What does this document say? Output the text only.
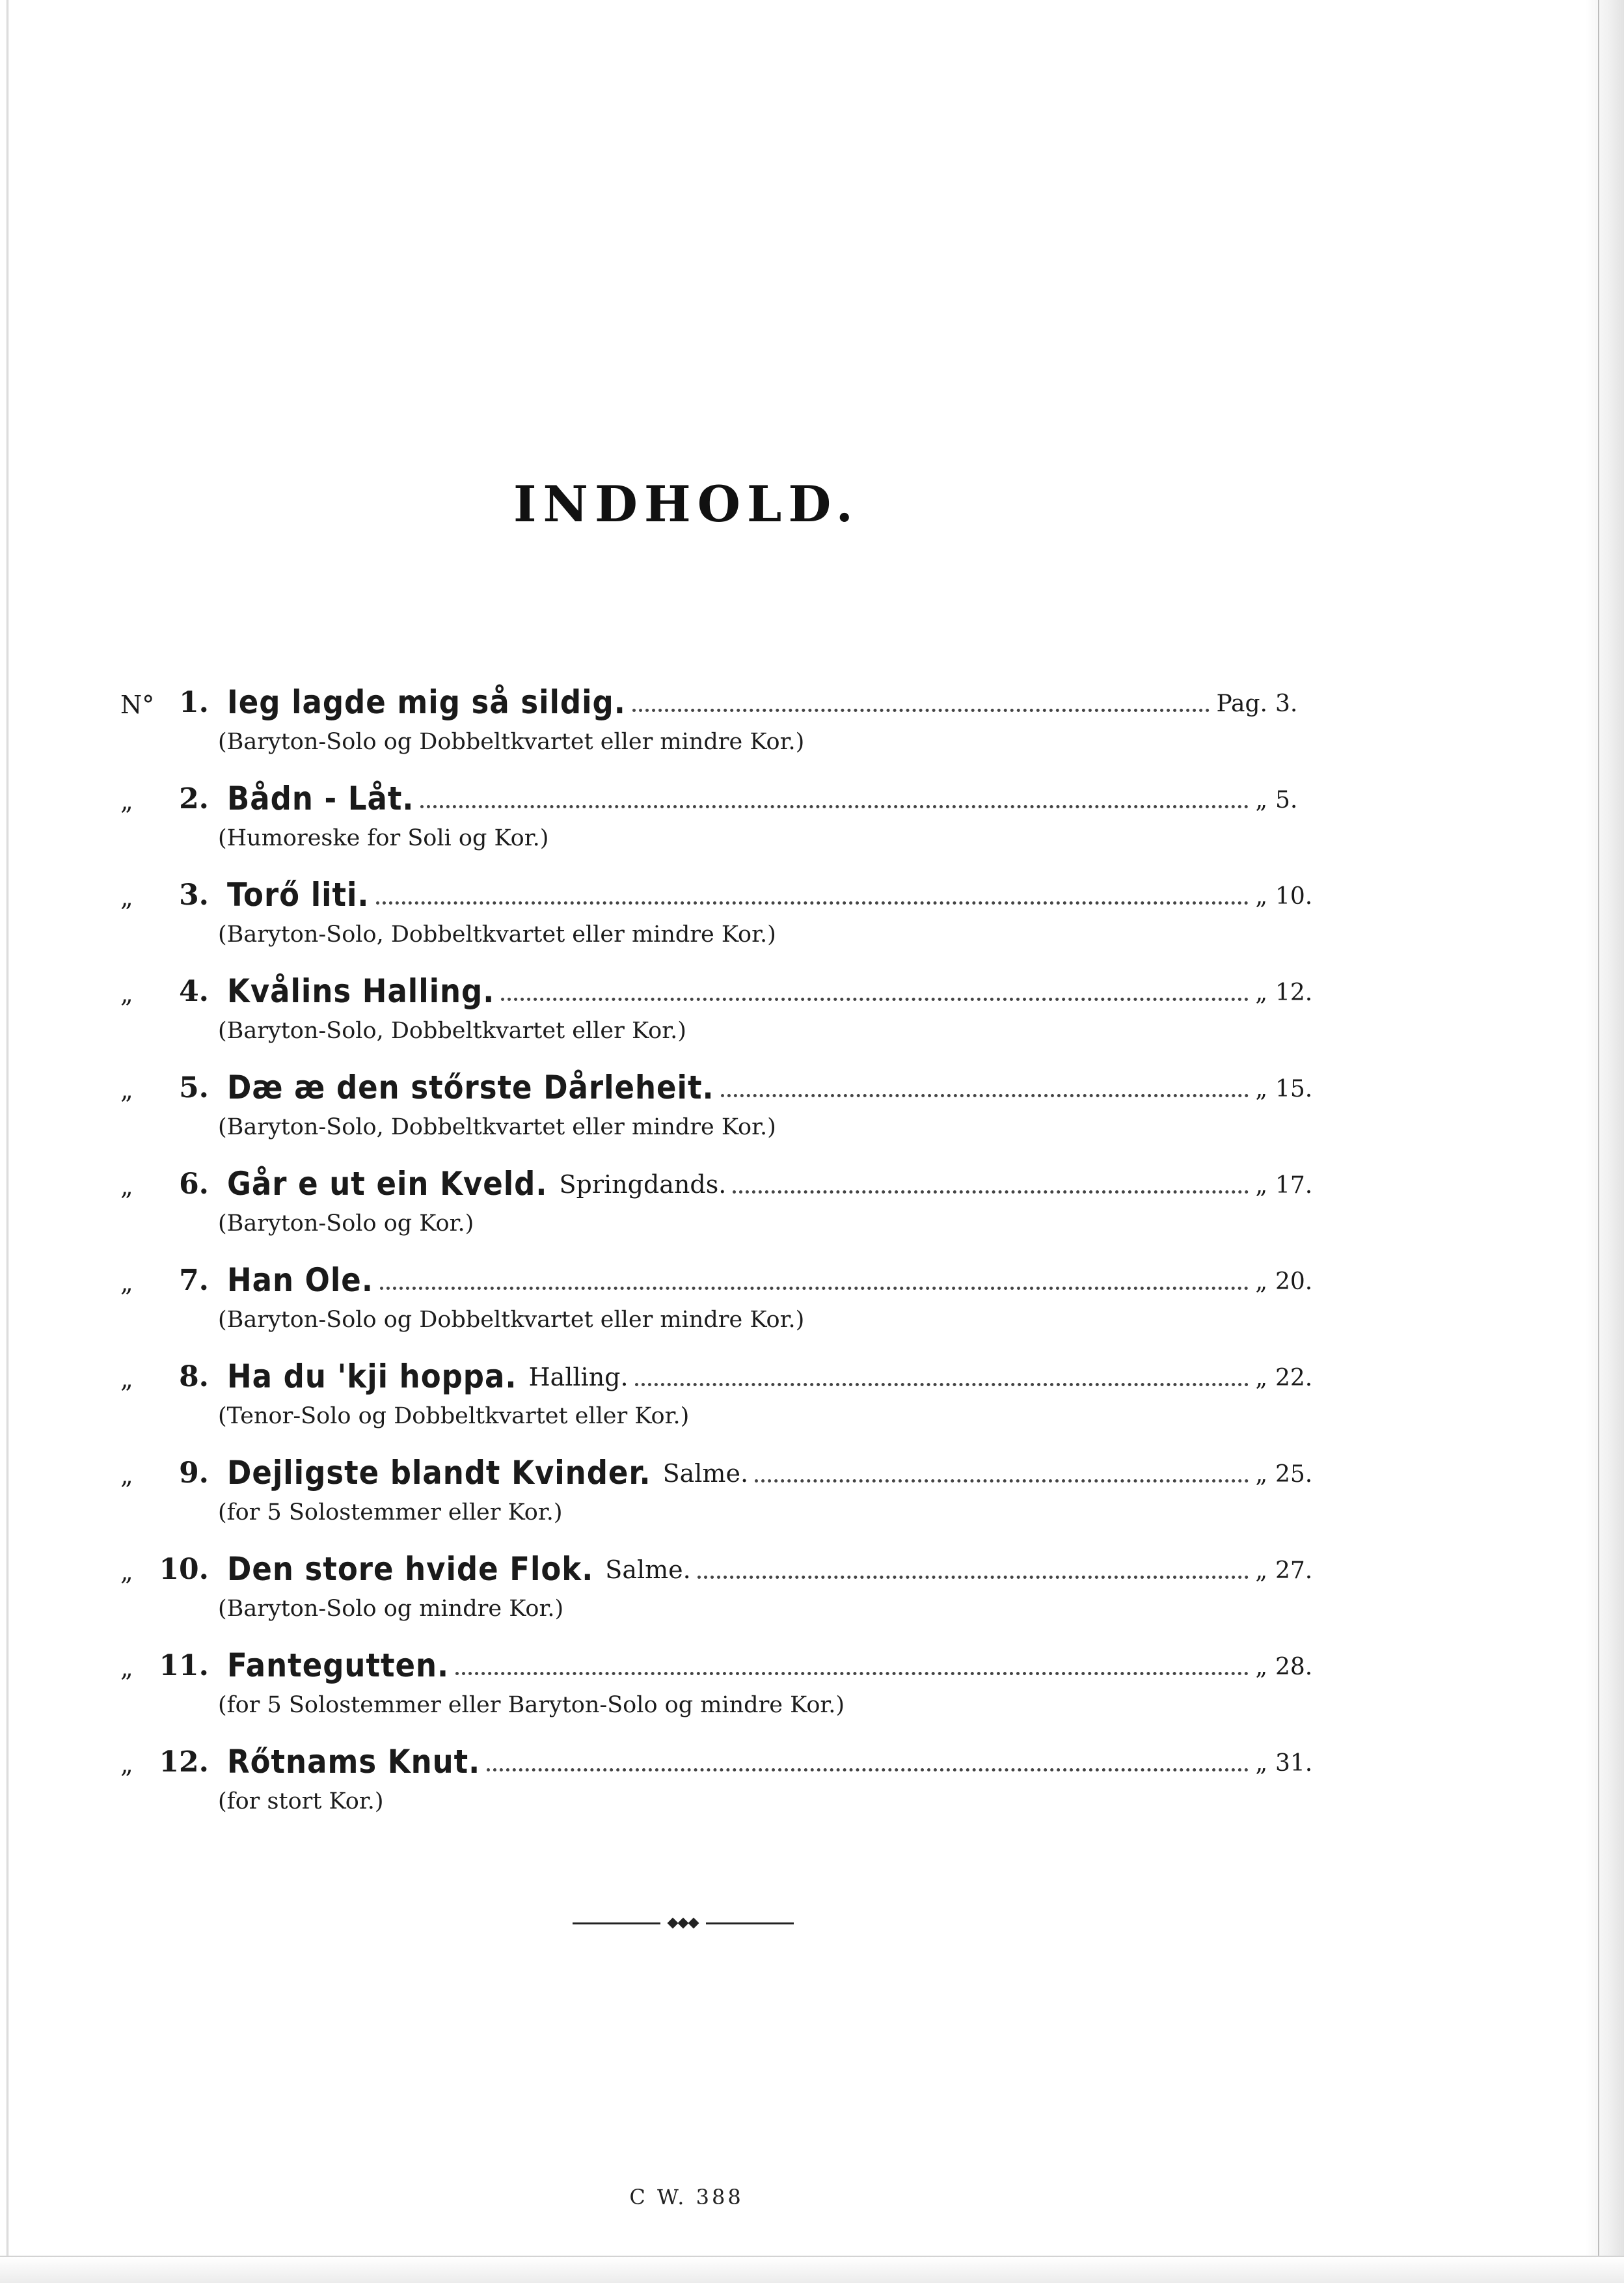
INDHOLD.
N° 1. Ieg lagde mig så sildig.	Pag. 3.
(Baryton-Solo og Dobbeltkvartet eller mindre Kor.)
„ 2. Bådn - Låt.	„ 5.
(Humoreske for Soli og Kor.)
„ 3. Torő liti.	„ 10.
(Baryton-Solo, Dobbeltkvartet eller mindre Kor.)
„ 4. Kvålins Halling.	„ 12.
(Baryton-Solo, Dobbeltkvartet eller Kor.)
„ 5. Dæ æ den stőrste Dårleheit.	„ 15.
(Baryton-Solo, Dobbeltkvartet eller mindre Kor.)
„ 6. Går e ut ein Kveld. Springdands.	„ 17.
(Baryton-Solo og Kor.)
„ 7. Han Ole.	„ 20.
(Baryton-Solo og Dobbeltkvartet eller mindre Kor.)
„ 8. Ha du 'kji hoppa. Halling.	„ 22.
(Tenor-Solo og Dobbeltkvartet eller Kor.)
„ 9. Dejligste blandt Kvinder. Salme.	„ 25.
(for 5 Solostemmer eller Kor.)
„ 10. Den store hvide Flok. Salme.	„ 27.
(Baryton-Solo og mindre Kor.)
„ 11. Fantegutten.	„ 28.
(for 5 Solostemmer eller Baryton-Solo og mindre Kor.)
„ 12. Rőtnams Knut.	„ 31.
(for stort Kor.)
C W. 388
